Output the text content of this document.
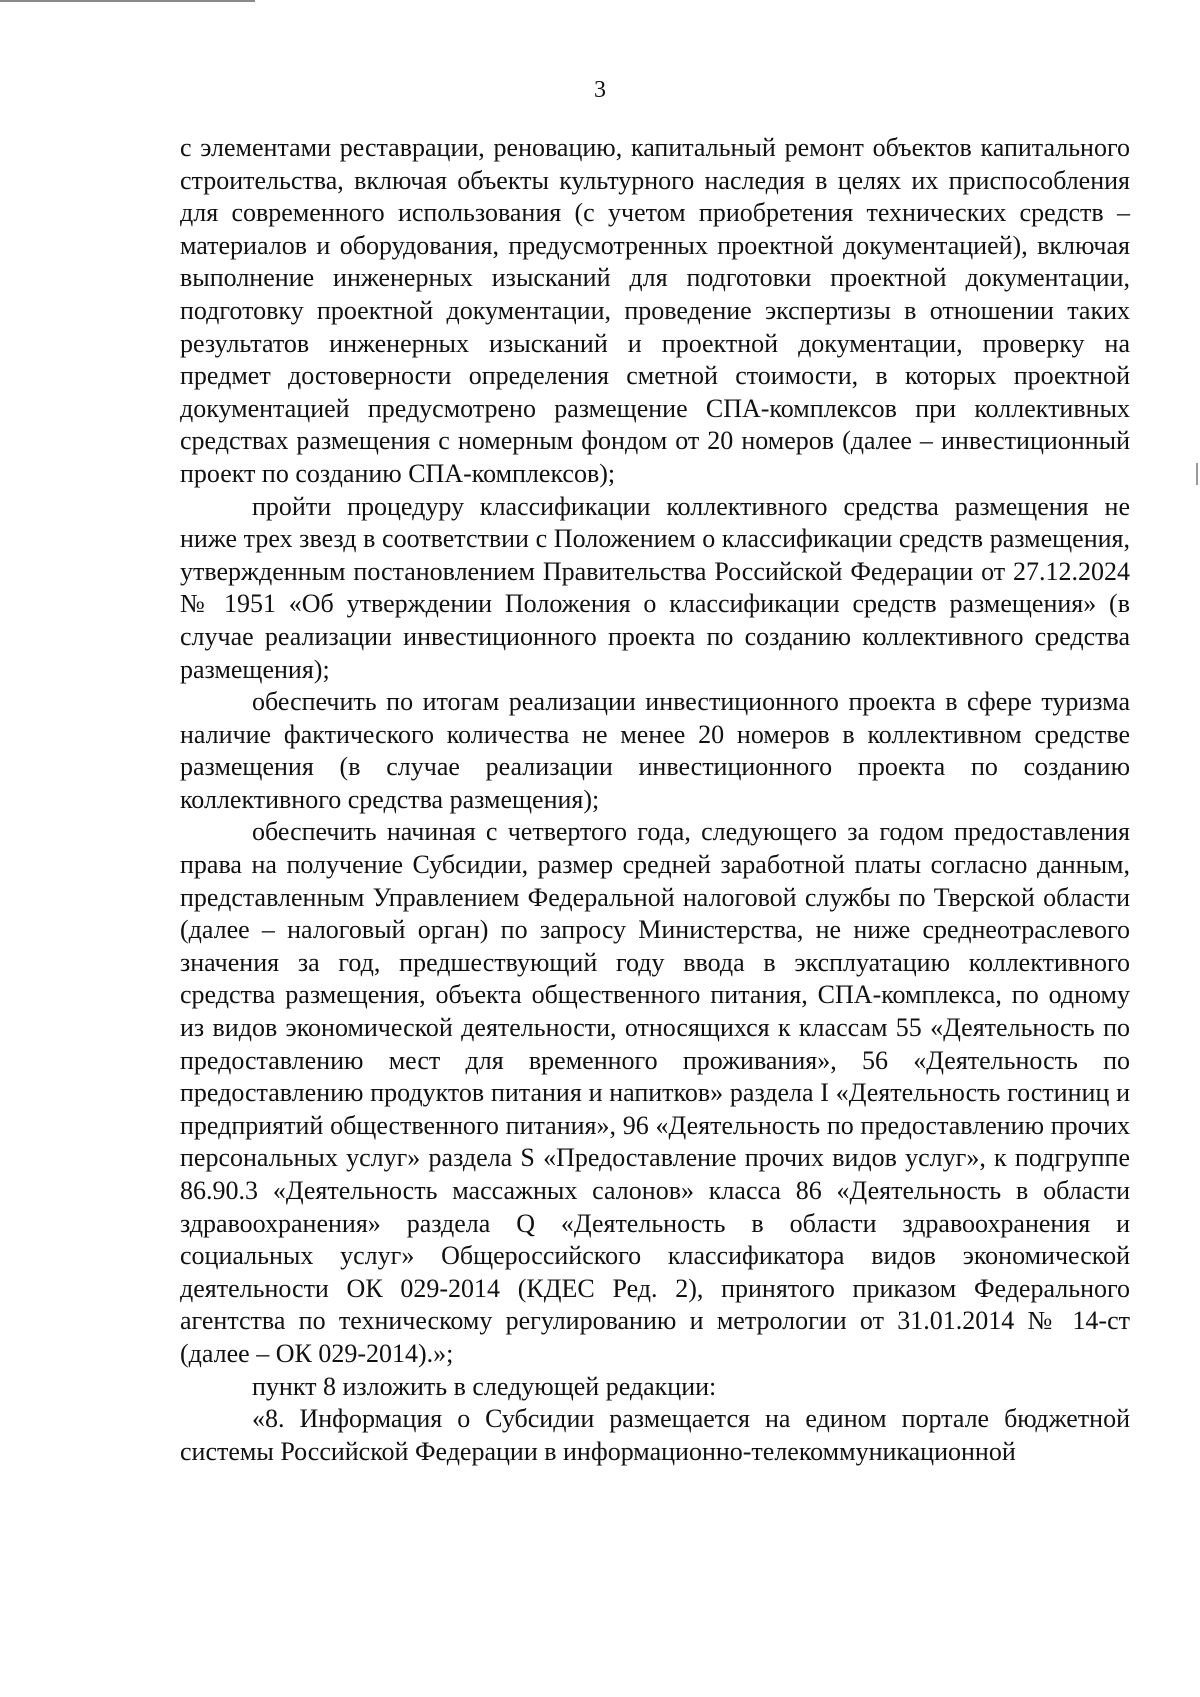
3

с элементами реставрации, реновацию, капитальный ремонт объектов капитального строительства, включая объекты культурного наследия в целях их приспособления для современного использования (с учетом приобретения технических средств – материалов и оборудования, предусмотренных проектной документацией), включая выполнение инженерных изысканий для подготовки проектной документации, подготовку проектной документации, проведение экспертизы в отношении таких результатов инженерных изысканий и проектной документации, проверку на предмет достоверности определения сметной стоимости, в которых проектной документацией предусмотрено размещение СПА-комплексов при коллективных средствах размещения с номерным фондом от 20 номеров (далее – инвестиционный проект по созданию СПА-комплексов);

пройти процедуру классификации коллективного средства размещения не ниже трех звезд в соответствии с Положением о классификации средств размещения, утвержденным постановлением Правительства Российской Федерации от 27.12.2024 № 1951 «Об утверждении Положения о классификации средств размещения» (в случае реализации инвестиционного проекта по созданию коллективного средства размещения);

обеспечить по итогам реализации инвестиционного проекта в сфере туризма наличие фактического количества не менее 20 номеров в коллективном средстве размещения (в случае реализации инвестиционного проекта по созданию коллективного средства размещения);

обеспечить начиная с четвертого года, следующего за годом предоставления права на получение Субсидии, размер средней заработной платы согласно данным, представленным Управлением Федеральной налоговой службы по Тверской области (далее – налоговый орган) по запросу Министерства, не ниже среднеотраслевого значения за год, предшествующий году ввода в эксплуатацию коллективного средства размещения, объекта общественного питания, СПА-комплекса, по одному из видов экономической деятельности, относящихся к классам 55 «Деятельность по предоставлению мест для временного проживания», 56 «Деятельность по предоставлению продуктов питания и напитков» раздела I «Деятельность гостиниц и предприятий общественного питания», 96 «Деятельность по предоставлению прочих персональных услуг» раздела S «Предоставление прочих видов услуг», к подгруппе 86.90.3 «Деятельность массажных салонов» класса 86 «Деятельность в области здравоохранения» раздела Q «Деятельность в области здравоохранения и социальных услуг» Общероссийского классификатора видов экономической деятельности ОК 029-2014 (КДЕС Ред. 2), принятого приказом Федерального агентства по техническому регулированию и метрологии от 31.01.2014 № 14-ст (далее – ОК 029-2014).»;

пункт 8 изложить в следующей редакции:

«8. Информация о Субсидии размещается на едином портале бюджетной системы Российской Федерации в информационно-телекоммуникационной
